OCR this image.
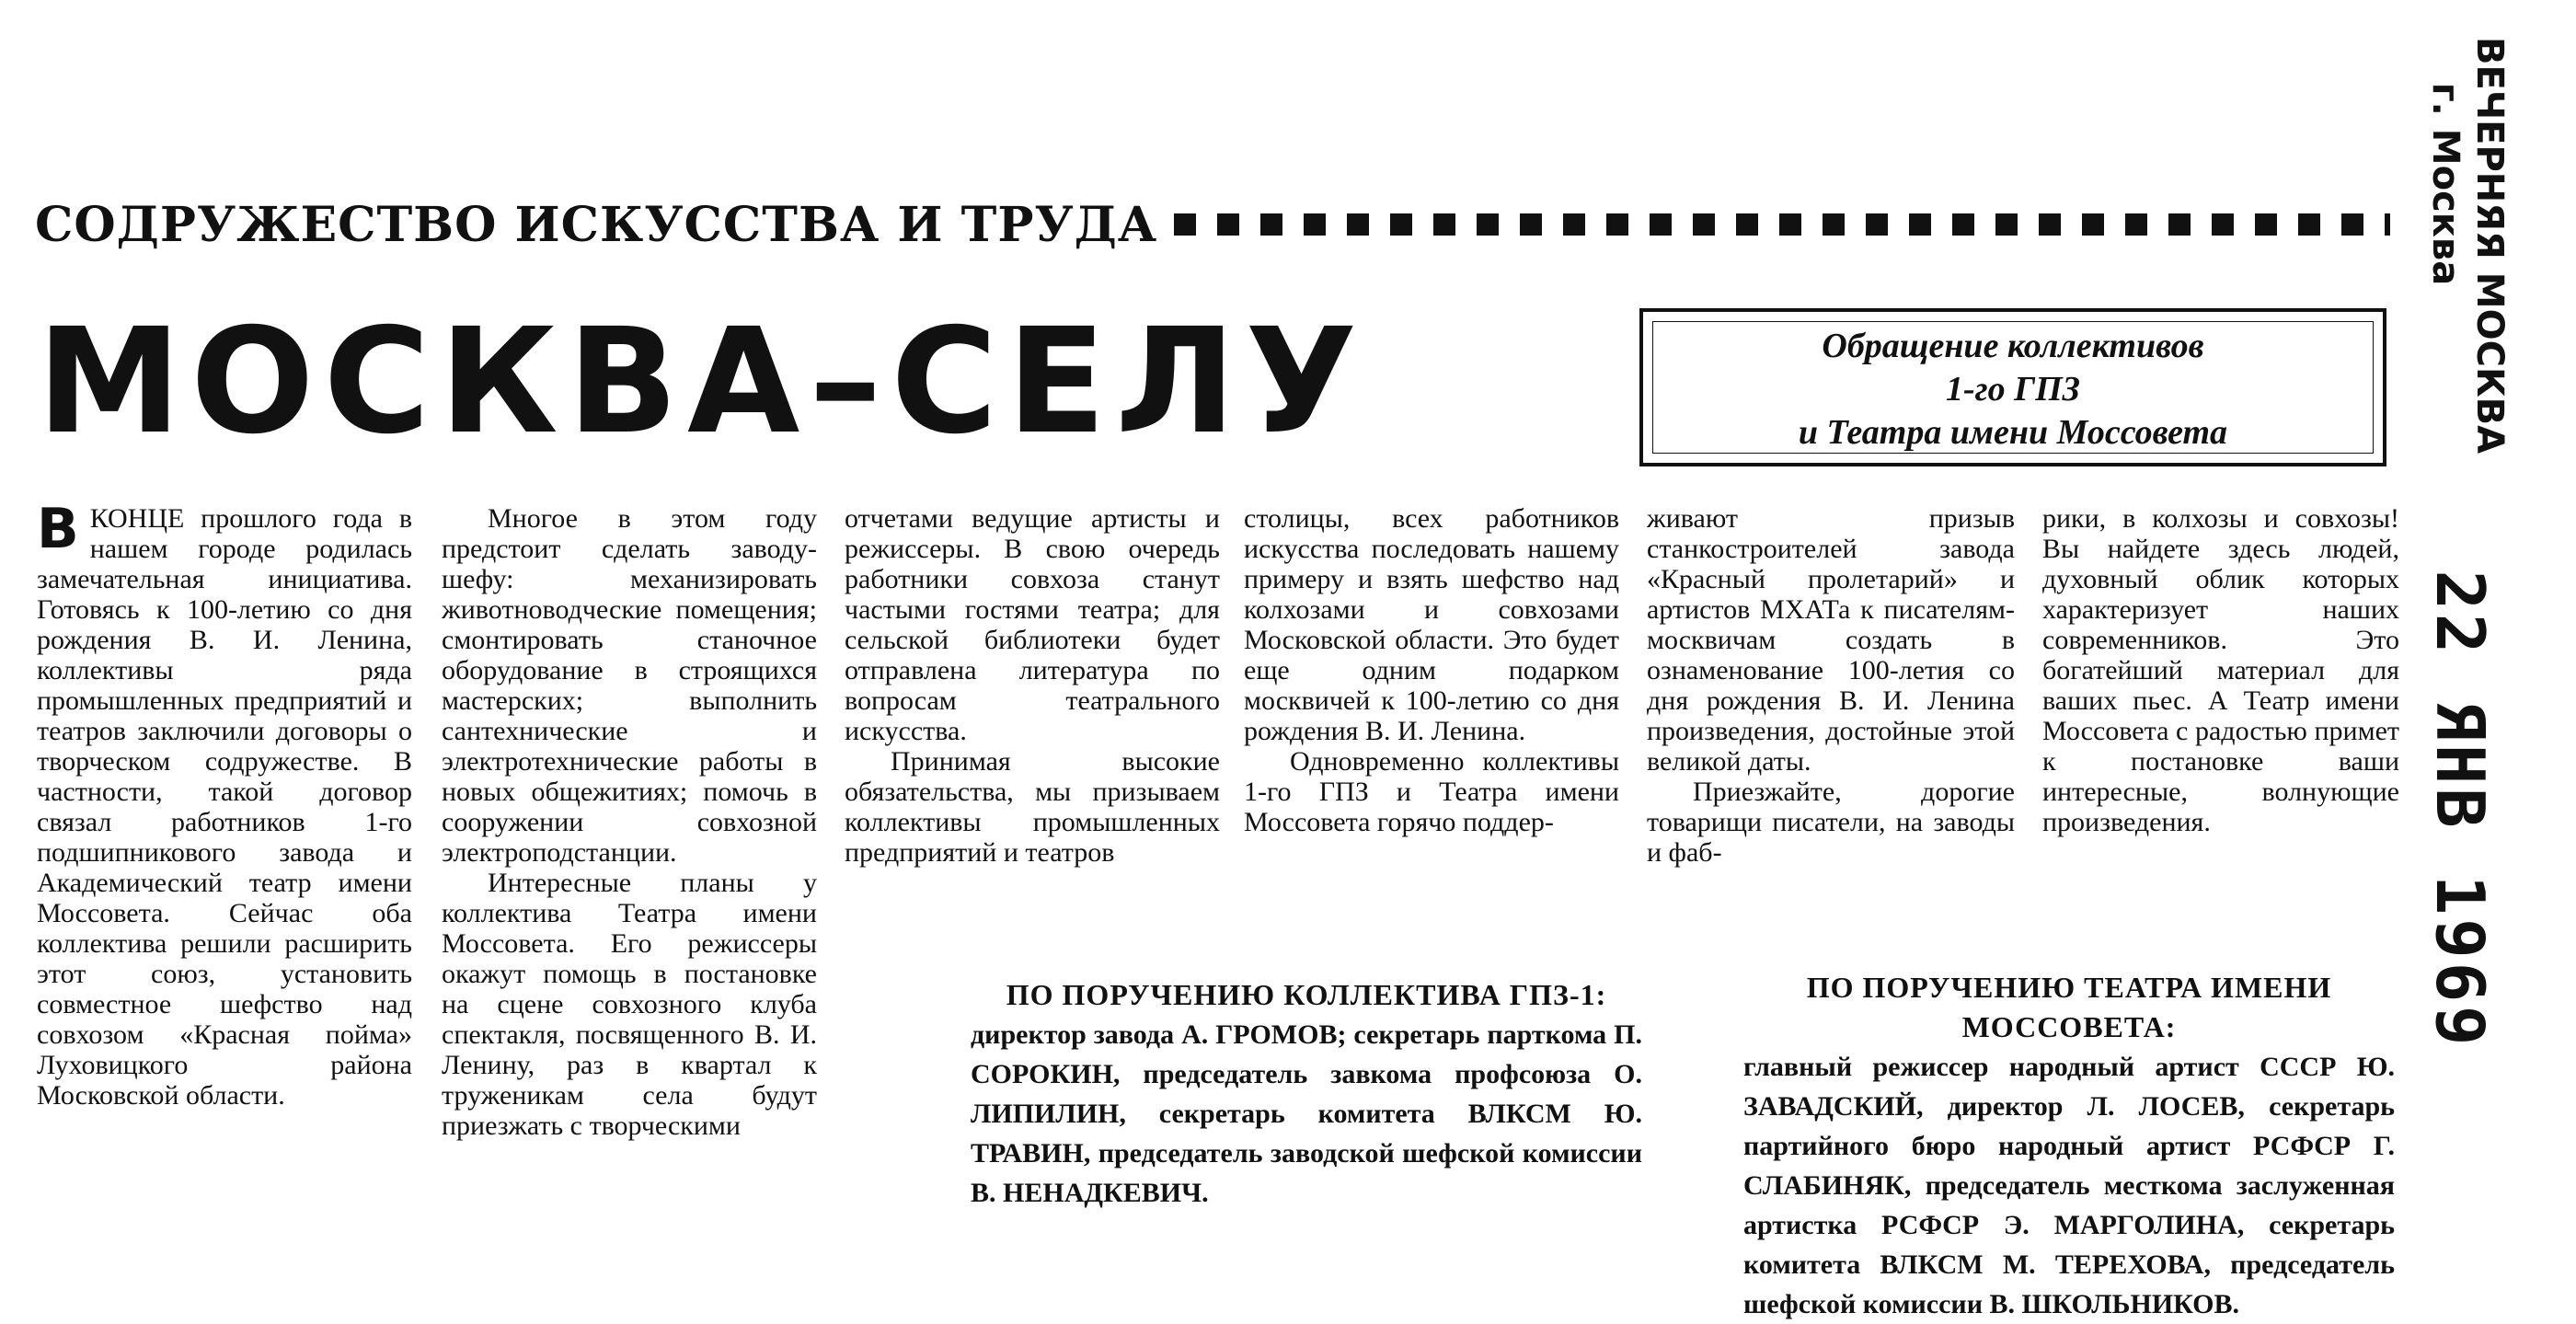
ВЕЧЕРНЯЯ МОСКВА
г. Москва
СОДРУЖЕСТВО ИСКУССТВА И ТРУДА
МОСКВА–СЕЛУ	Обращение коллективов
1-го ГПЗ
и Театра имени Моссовета
В КОНЦЕ прошлого года в нашем городе родилась замечательная инициатива. Готовясь к 100-летию со дня рождения В. И. Ленина, коллективы ряда промышленных предприятий и театров заключили договоры о творческом содружестве. В частности, такой договор связал работников 1-го подшипникового завода и Академический театр имени Моссовета. Сейчас оба коллектива решили расширить этот союз, установить совместное шефство над совхозом «Красная пойма» Луховицкого района Московской области.

Многое в этом году предстоит сделать заводу-шефу: механизировать животноводческие помещения; смонтировать станочное оборудование в строящихся мастерских; выполнить сантехнические и электротехнические работы в новых общежитиях; помочь в сооружении совхозной электроподстанции.

Интересные планы у коллектива Театра имени Моссовета. Его режиссеры окажут помощь в постановке на сцене совхозного клуба спектакля, посвященного В. И. Ленину, раз в квартал к труженикам села будут приезжать с творческими

отчетами ведущие артисты и режиссеры. В свою очередь работники совхоза станут частыми гостями театра; для сельской библиотеки будет отправлена литература по вопросам театрального искусства.

Принимая высокие обязательства, мы призываем коллективы промышленных предприятий и театров

столицы, всех работников искусства последовать нашему примеру и взять шефство над колхозами и совхозами Московской области. Это будет еще одним подарком москвичей к 100-летию со дня рождения В. И. Ленина.

Одновременно коллективы 1-го ГПЗ и Театра имени Моссовета горячо поддер-

живают призыв станкостроителей завода «Красный пролетарий» и артистов МХАТа к писателям-москвичам создать в ознаменование 100-летия со дня рождения В. И. Ленина произведения, достойные этой великой даты.

Приезжайте, дорогие товарищи писатели, на заводы и фаб-

рики, в колхозы и совхозы! Вы найдете здесь людей, духовный облик которых характеризует наших современников. Это богатейший материал для ваших пьес. А Театр имени Моссовета с радостью примет к постановке ваши интересные, волнующие произведения.

ПО ПОРУЧЕНИЮ КОЛЛЕКТИВА ГПЗ-1:
директор завода А. ГРОМОВ; секретарь парткома П. СОРОКИН, председатель завкома профсоюза О. ЛИПИЛИН, секретарь комитета ВЛКСМ Ю. ТРАВИН, председатель заводской шефской комиссии В. НЕНАДКЕВИЧ.
ПО ПОРУЧЕНИЮ ТЕАТРА ИМЕНИ МОССОВЕТА:
главный режиссер народный артист СССР Ю. ЗАВАДСКИЙ, директор Л. ЛОСЕВ, секретарь партийного бюро народный артист РСФСР Г. СЛАБИНЯК, председатель месткома заслуженная артистка РСФСР Э. МАРГОЛИНА, секретарь комитета ВЛКСМ М. ТЕРЕХОВА, председатель шефской комиссии В. ШКОЛЬНИКОВ.
22 ЯНВ 1969
